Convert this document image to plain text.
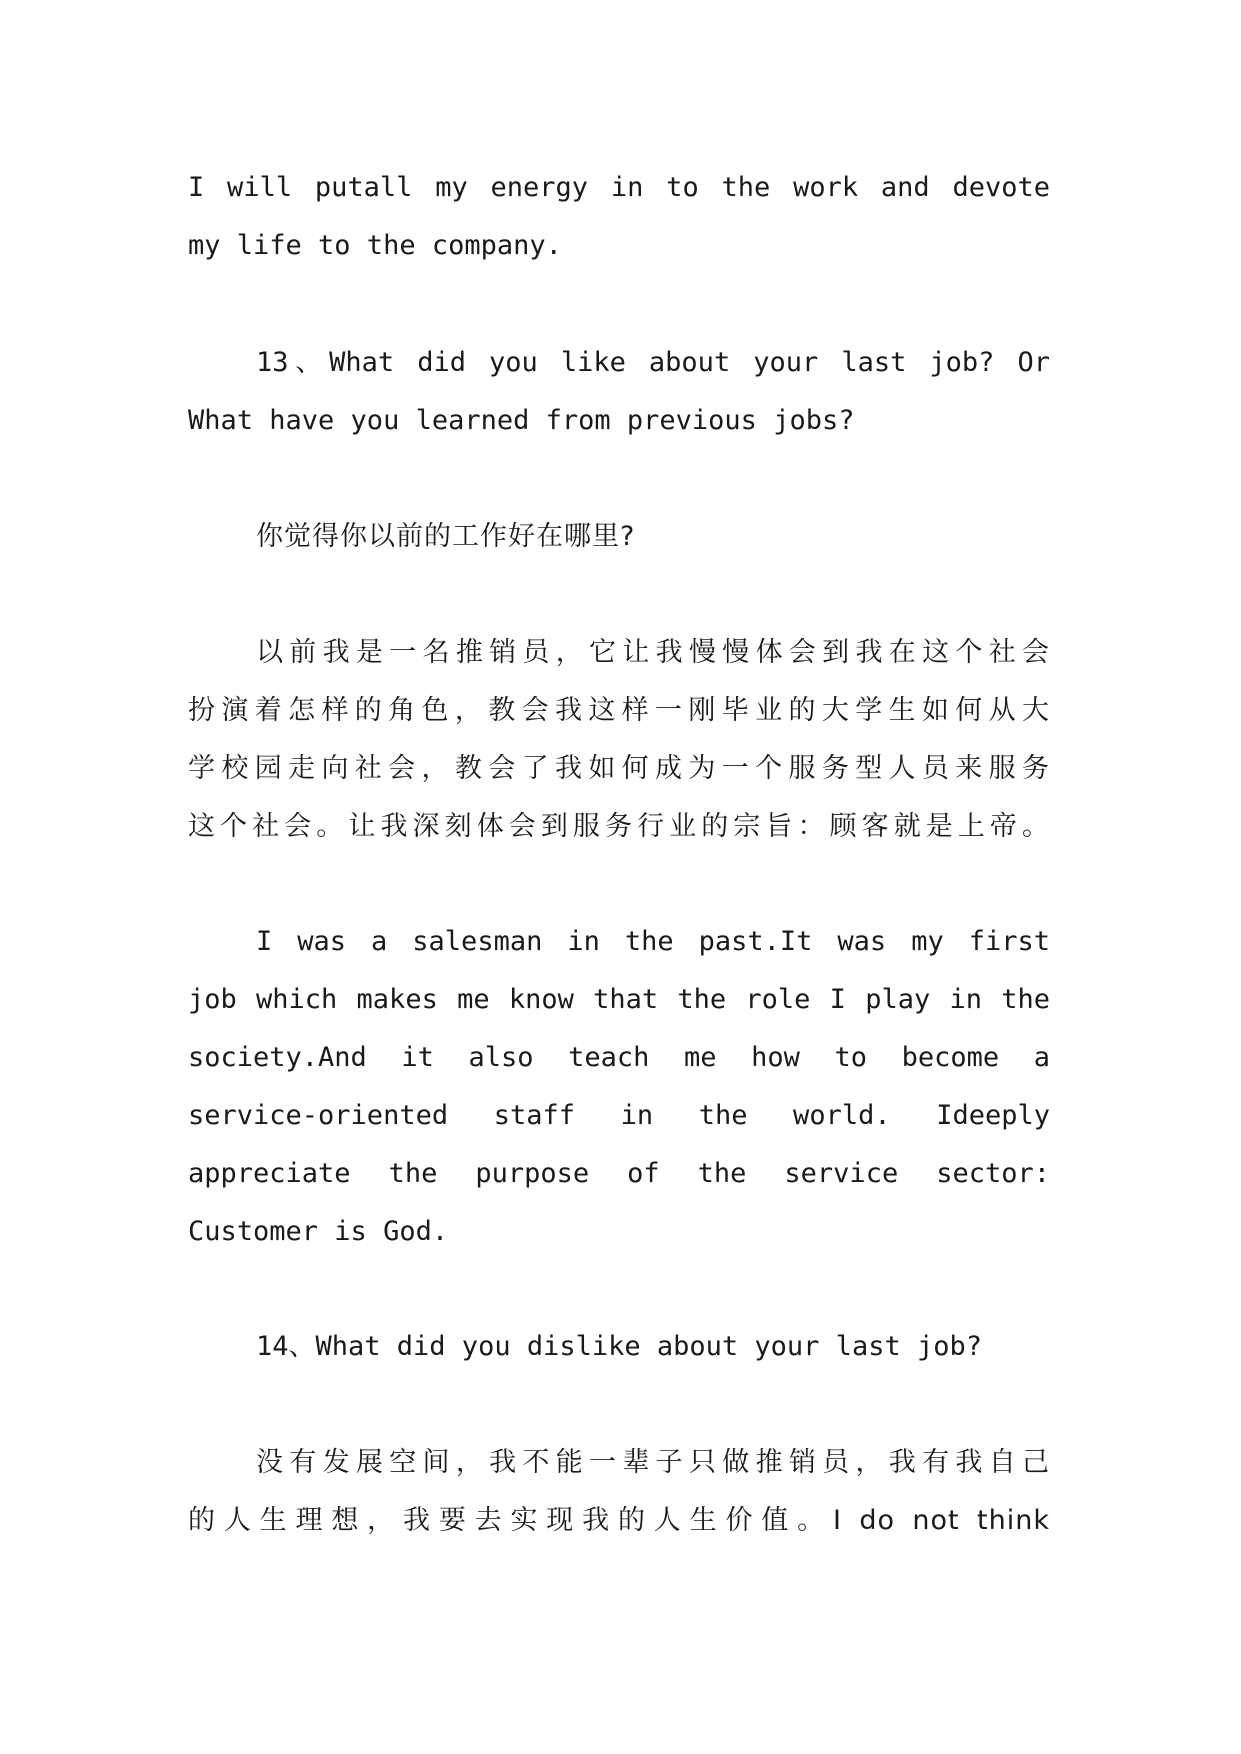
I will putall my energy in to the work and devote
my life to the company.
13、What did you like about your last job? Or
What have you learned from previous jobs?
你觉得你以前的工作好在哪里?
以前我是一名推销员，它让我慢慢体会到我在这个社会
扮演着怎样的角色，教会我这样一刚毕业的大学生如何从大
学校园走向社会，教会了我如何成为一个服务型人员来服务
这个社会。让我深刻体会到服务行业的宗旨：顾客就是上帝。
I was a salesman in the past.It was my first
job which makes me know that the role I play in the
society.And it also teach me how to become a
service-oriented staff in the world. Ideeply
appreciate the purpose of the service sector:
Customer is God.
14、What did you dislike about your last job?
没有发展空间，我不能一辈子只做推销员，我有我自己
的人生理想，我要去实现我的人生价值。I do not think
